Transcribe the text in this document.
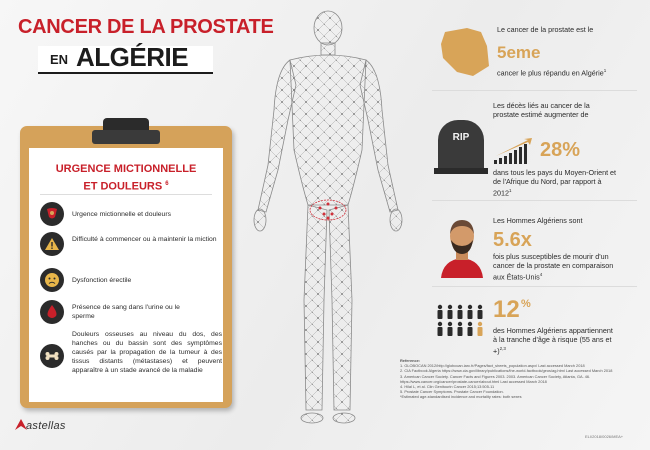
CANCER DE LA PROSTATE
EN ALGÉRIE
URGENCE MICTIONNELLE
ET DOULEURS $^6$
Urgence mictionnelle et douleurs
Difficulté à commencer ou à maintenir la miction
Dysfonction érectile
Présence de sang dans l'urine ou le sperme
Douleurs osseuses au niveau du dos, des hanches ou du bassin sont des symptômes causés par la propagation de la tumeur à des tissus distants (métastases) et peuvent apparaître à un stade avancé de la maladie
Le cancer de la prostate est le
5eme
cancer le plus répandu en Algérie$^1$
RIP
Les décès liés au cancer de la prostate estimé augmenter de
28%
dans tous les pays du Moyen-Orient et de l'Afrique du Nord, par rapport à 2012$^1$
Les Hommes Algériens sont
5.6x
fois plus susceptibles de mourir d'un cancer de la prostate en comparaison aux États-Unis$^4$
12 %
des Hommes Algériens appartiennent à la tranche d'âge à risque (55 ans et +)$^{2,3}$
Reference:
1. GLOBOCAN 2012/http://globocan.iarc.fr/Pages/fact_sheets_population.aspx/ Last accessed March 2018
2. CIA Factbook Algeria https://www.cia.gov/library/publications/the-world-factbook/geos/ag.html Last accessed March 2018
3. American Cancer Society. Cancer Facts and Figures 2003. 2003. American Cancer Society, Atlanta, GA. 46. https://www.cancer.org/cancer/prostate-cancer/about.html Last accessed March 2018
4. Hilal L, et al. Clin Genitourin Cancer 2015;13:505-11
5. Prostate Cancer Symptoms. Prostate Cancer Foundation.
*Estimated age-standardised incidence and mortality rates: both sexes
astellas
ELI/2018/0026/MEA+
